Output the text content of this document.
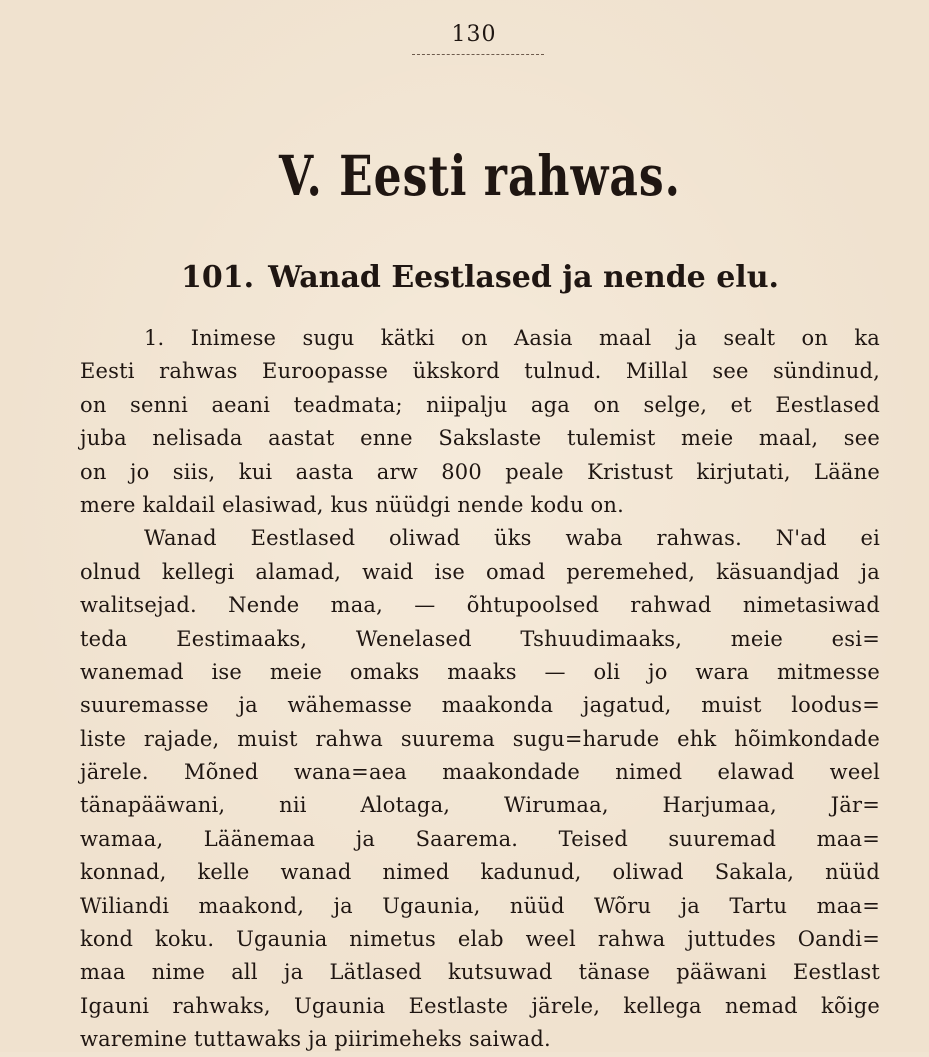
130
V. Eesti rahwas.
101. Wanad Eestlased ja nende elu.
1. Inimese sugu kätki on Aasia maal ja sealt on ka
Eesti rahwas Euroopasse ükskord tulnud. Millal see sündinud,
on senni aeani teadmata; niipalju aga on selge, et Eestlased
juba nelisada aastat enne Sakslaste tulemist meie maal, see
on jo siis, kui aasta arw 800 peale Kristust kirjutati, Lääne
mere kaldail elasiwad, kus nüüdgi nende kodu on.
Wanad Eestlased oliwad üks waba rahwas. N'ad ei
olnud kellegi alamad, waid ise omad peremehed, käsuandjad ja
walitsejad. Nende maa, — õhtupoolsed rahwad nimetasiwad
teda Eestimaaks, Wenelased Tshuudimaaks, meie esi=
wanemad ise meie omaks maaks — oli jo wara mitmesse
suuremasse ja wähemasse maakonda jagatud, muist loodus=
liste rajade, muist rahwa suurema sugu=harude ehk hõimkondade
järele. Mõned wana=aea maakondade nimed elawad weel
tänapääwani, nii Alotaga, Wirumaa, Harjumaa, Jär=
wamaa, Läänemaa ja Saarema. Teised suuremad maa=
konnad, kelle wanad nimed kadunud, oliwad Sakala, nüüd
Wiliandi maakond, ja Ugaunia, nüüd Wõru ja Tartu maa=
kond koku. Ugaunia nimetus elab weel rahwa juttudes Oandi=
maa nime all ja Lätlased kutsuwad tänase pääwani Eestlast
Igauni rahwaks, Ugaunia Eestlaste järele, kellega nemad kõige
waremine tuttawaks ja piirimeheks saiwad.
